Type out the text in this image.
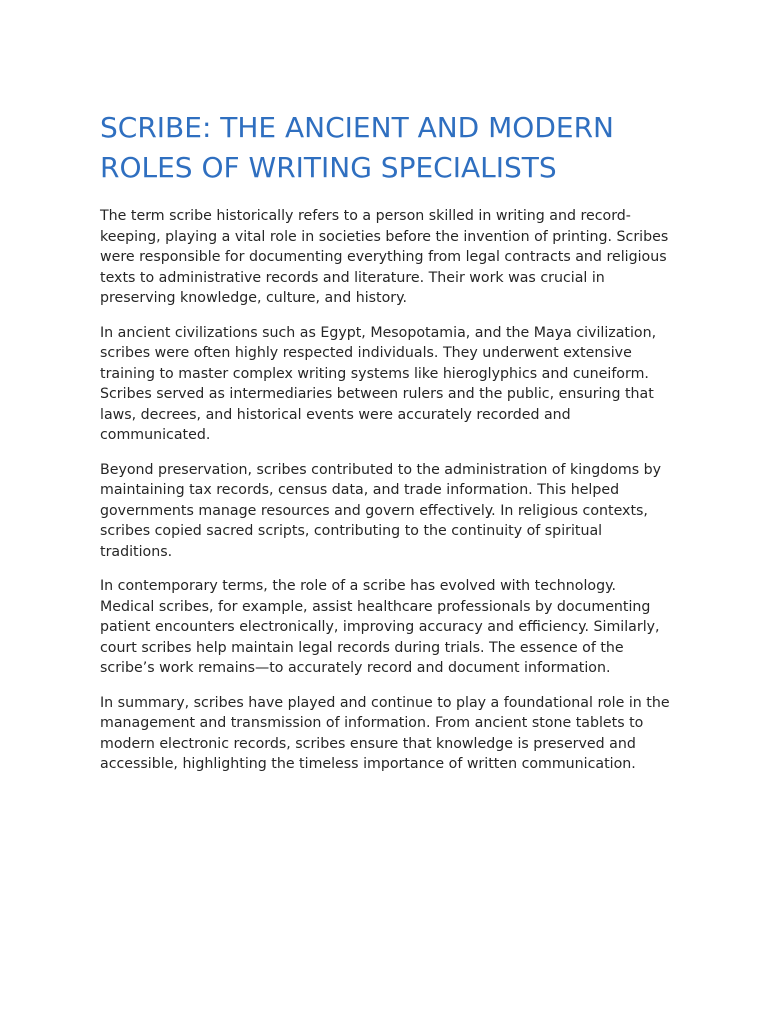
SCRIBE: THE ANCIENT AND MODERN ROLES OF WRITING SPECIALISTS

The term scribe historically refers to a person skilled in writing and record-keeping, playing a vital role in societies before the invention of printing. Scribes were responsible for documenting everything from legal contracts and religious texts to administrative records and literature. Their work was crucial in preserving knowledge, culture, and history.

In ancient civilizations such as Egypt, Mesopotamia, and the Maya civilization, scribes were often highly respected individuals. They underwent extensive training to master complex writing systems like hieroglyphics and cuneiform. Scribes served as intermediaries between rulers and the public, ensuring that laws, decrees, and historical events were accurately recorded and communicated.

Beyond preservation, scribes contributed to the administration of kingdoms by maintaining tax records, census data, and trade information. This helped governments manage resources and govern effectively. In religious contexts, scribes copied sacred scripts, contributing to the continuity of spiritual traditions.

In contemporary terms, the role of a scribe has evolved with technology. Medical scribes, for example, assist healthcare professionals by documenting patient encounters electronically, improving accuracy and efficiency. Similarly, court scribes help maintain legal records during trials. The essence of the scribe’s work remains—to accurately record and document information.

In summary, scribes have played and continue to play a foundational role in the management and transmission of information. From ancient stone tablets to modern electronic records, scribes ensure that knowledge is preserved and accessible, highlighting the timeless importance of written communication.
